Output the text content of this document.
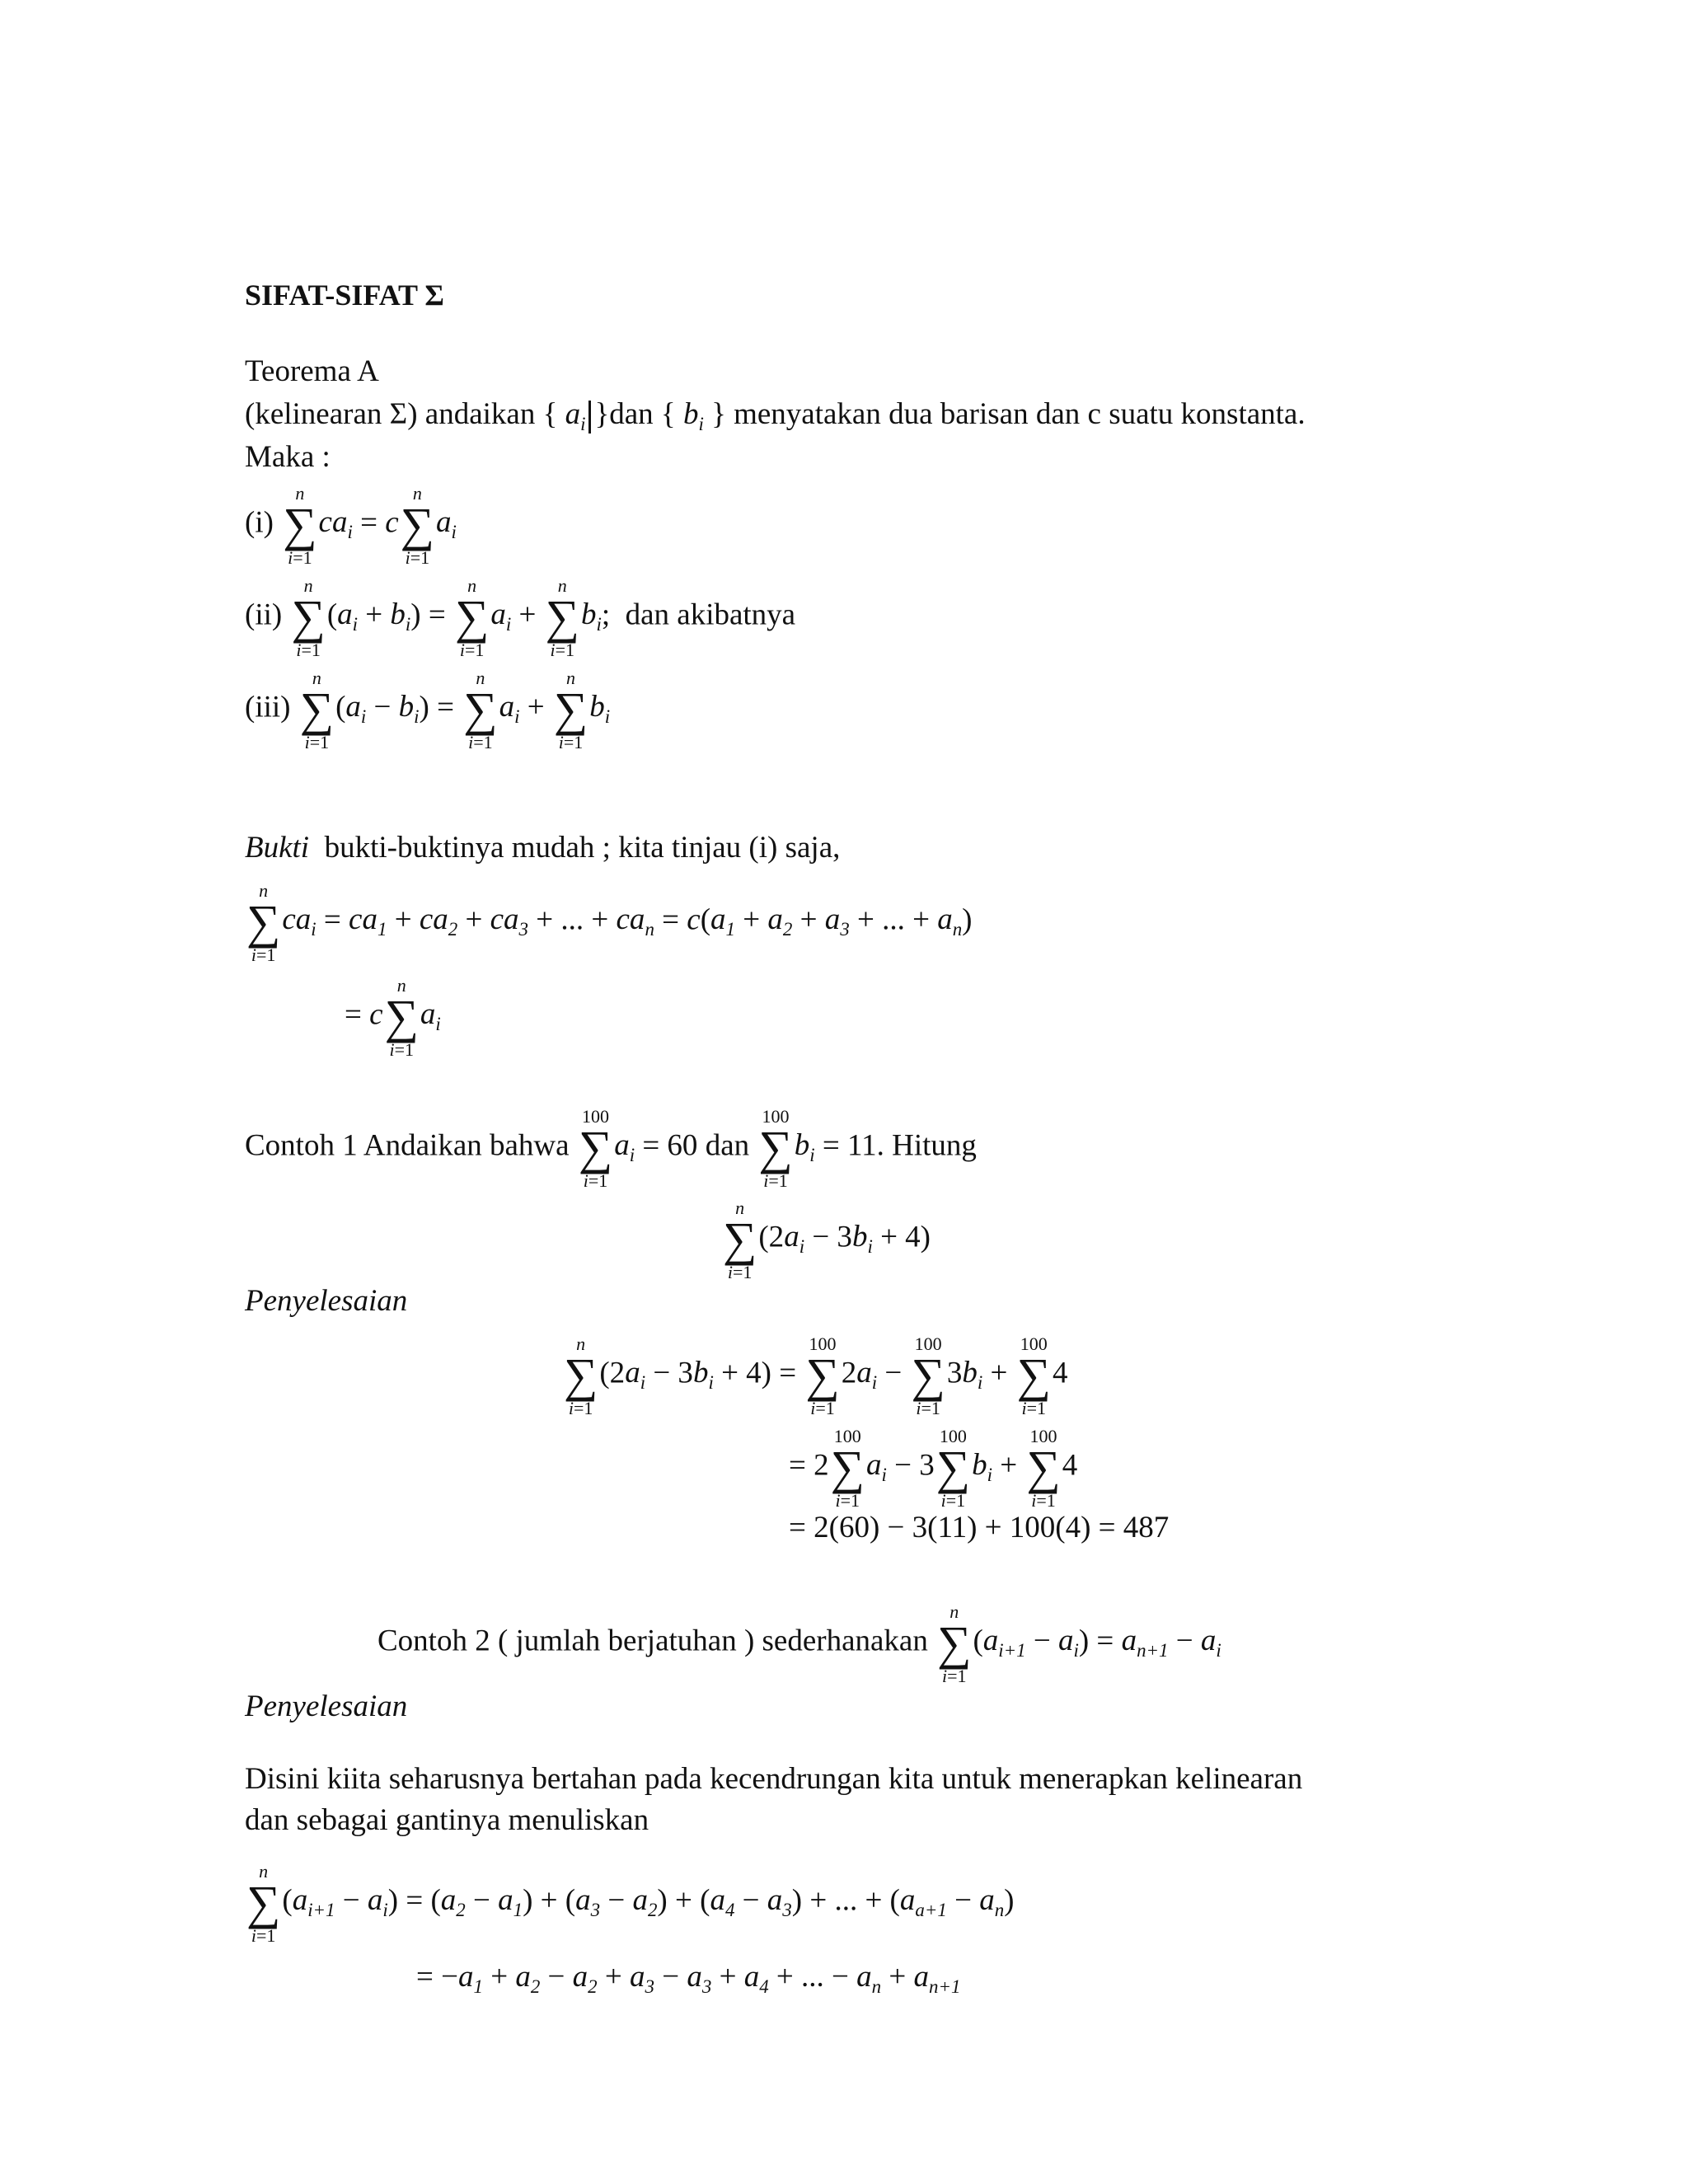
SIFAT-SIFAT Σ
Teorema A
(kelinearan Σ) andaikan { $a_i$ }dan { $b_i$ } menyatakan dua barisan dan c suatu konstanta.
Maka :
(i)
n
∑
i=1
$ca_i = c$
n
∑
i=1
$a_i$
(ii)
n
∑
i=1
$(a_i + b_i)$ =
n
∑
i=1
$a_i$ +
n
∑
i=1
$b_i$;  dan akibatnya
(iii)
n
∑
i=1
$(a_i - b_i)$ =
n
∑
i=1
$a_i$ +
n
∑
i=1
$b_i$
Bukti bukti-buktinya mudah ; kita tinjau (i) saja,
n
∑
i=1
$ca_i = ca_1 + ca_2 + ca_3$ + ... + $ca_n = c(a_1 + a_2 + a_3$ + ... + $a_n$)
= c
n
∑
i=1
$a_i$
Contoh 1 Andaikan bahwa
100
∑
i=1
$a_i = 60$ dan
100
∑
i=1
$b_i = 11$. Hitung
n
∑
i=1
$(2a_i - 3b_i + 4)$
Penyelesaian
n
∑
i=1
$(2a_i - 3b_i + 4)$ =
100
∑
i=1
$2a_i$ −
100
∑
i=1
$3b_i$ +
100
∑
i=1
4
= 2
100
∑
i=1
$a_i - 3$
100
∑
i=1
$b_i$ +
100
∑
i=1
4
= 2(60) − 3(11) + 100(4) = 487
Contoh 2 ( jumlah berjatuhan ) sederhanakan
n
∑
i=1
$(a_{i+1} - a_i) = a_{n+1} - a_i$
Penyelesaian
Disini kiita seharusnya bertahan pada kecendrungan kita untuk menerapkan kelinearan
dan sebagai gantinya menuliskan
n
∑
i=1
$(a_{i+1} - a_i) = (a_2 - a_1) + (a_3 - a_2) + (a_4 - a_3)$ + ... + $(a_{a+1} - a_n)$
= $-a_1 + a_2 - a_2 + a_3 - a_3 + a_4$ + ... − $a_n + a_{n+1}$
